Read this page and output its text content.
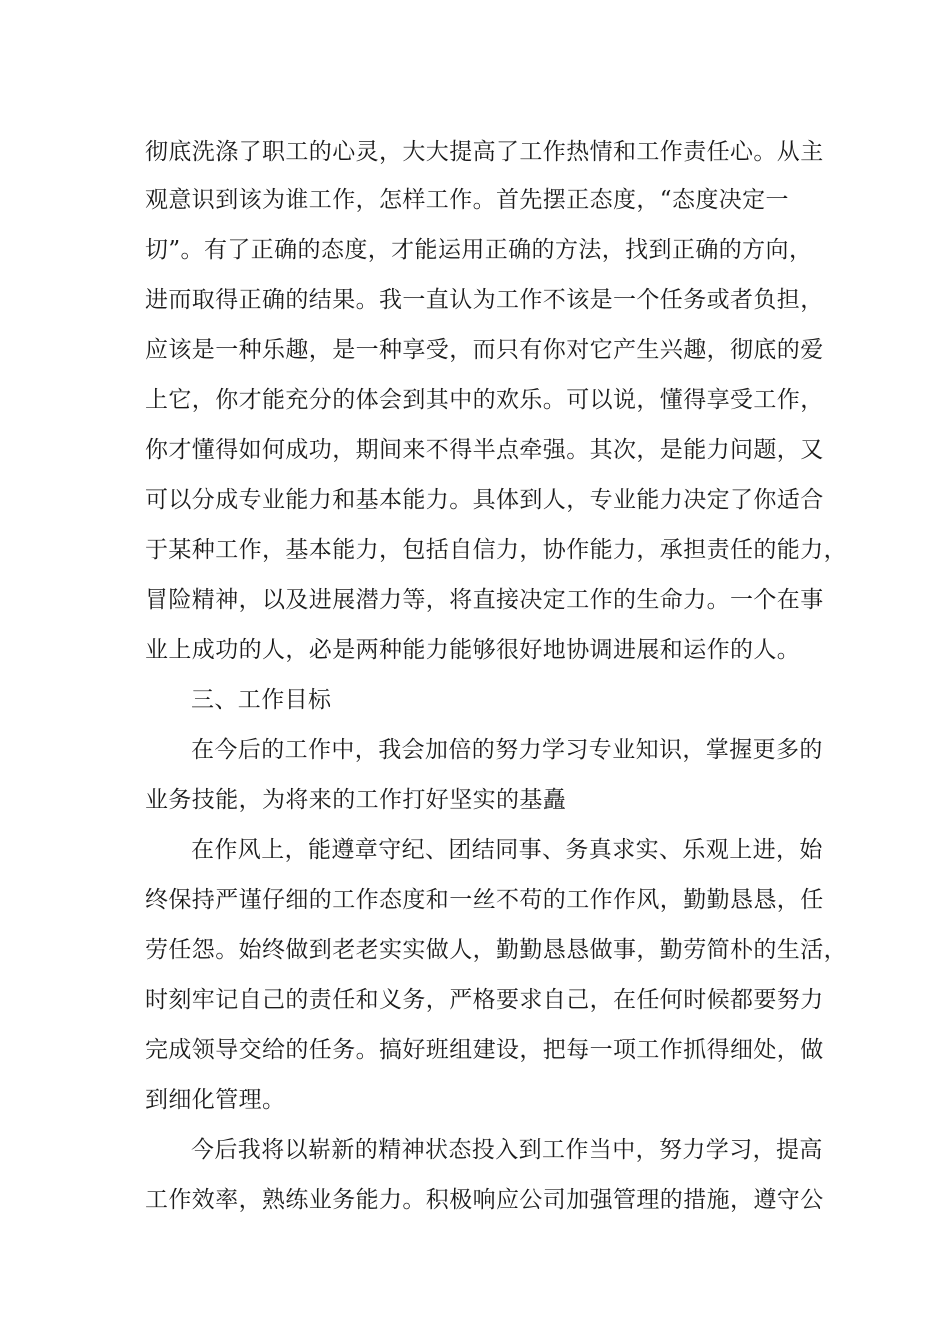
彻底洗涤了职工的心灵，大大提高了工作热情和工作责任心。从主
观意识到该为谁工作，怎样工作。首先摆正态度，“态度决定一
切”。有了正确的态度，才能运用正确的方法，找到正确的方向，
进而取得正确的结果。我一直认为工作不该是一个任务或者负担，
应该是一种乐趣，是一种享受，而只有你对它产生兴趣，彻底的爱
上它，你才能充分的体会到其中的欢乐。可以说，懂得享受工作，
你才懂得如何成功，期间来不得半点牵强。其次，是能力问题，又
可以分成专业能力和基本能力。具体到人，专业能力决定了你适合
于某种工作，基本能力，包括自信力，协作能力，承担责任的能力，
冒险精神，以及进展潜力等，将直接决定工作的生命力。一个在事
业上成功的人，必是两种能力能够很好地协调进展和运作的人。
三、工作目标
在今后的工作中，我会加倍的努力学习专业知识，掌握更多的
业务技能，为将来的工作打好坚实的基矗
在作风上，能遵章守纪、团结同事、务真求实、乐观上进，始
终保持严谨仔细的工作态度和一丝不苟的工作作风，勤勤恳恳，任
劳任怨。始终做到老老实实做人，勤勤恳恳做事，勤劳简朴的生活，
时刻牢记自己的责任和义务，严格要求自己，在任何时候都要努力
完成领导交给的任务。搞好班组建设，把每一项工作抓得细处，做
到细化管理。
今后我将以崭新的精神状态投入到工作当中，努力学习，提高
工作效率，熟练业务能力。积极响应公司加强管理的措施，遵守公
